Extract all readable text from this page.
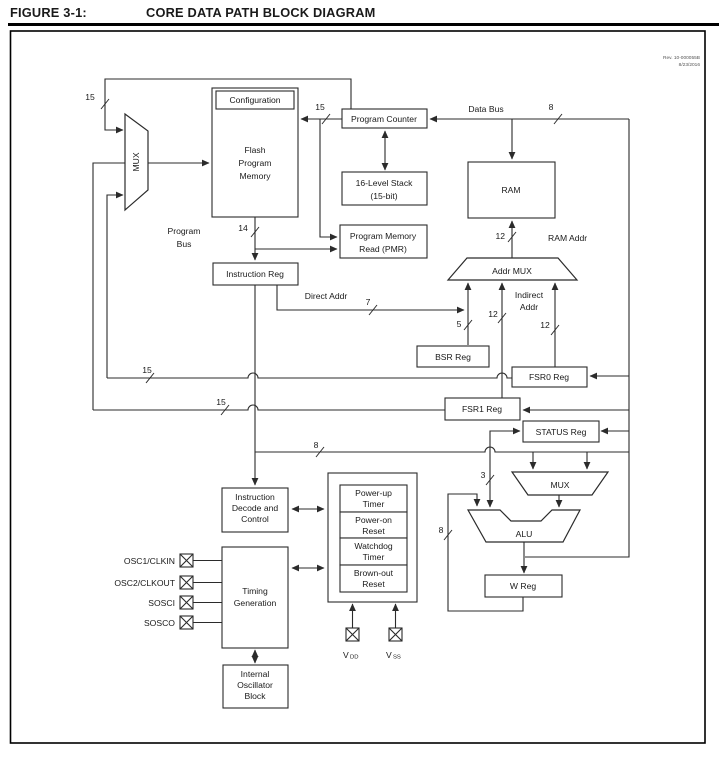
FIGURE 3-1:	CORE DATA PATH BLOCK DIAGRAM
Rev. 10-000055B
8/23/2016
15
15	Data Bus	8
14
12	RAM Addr
Program
Bus
Direct Addr
7
5
Indirect
Addr
12
12
15
15
8
3
8
MUX
Addr MUX
MUX
ALU
Configuration
Flash
Program
Memory
Program Counter
16-Level Stack
(15-bit)
RAM
Program Memory
Read (PMR)
Instruction Reg
BSR Reg
FSR0 Reg
FSR1 Reg
STATUS Reg
W Reg
Instruction
Decode and
Control
Timing
Generation
Internal
Oscillator
Block
Power-up
Timer
Power-on
Reset
Watchdog
Timer
Brown-out
Reset
OSC1/CLKIN
OSC2/CLKOUT
SOSCI
SOSCO
V DD	V SS
